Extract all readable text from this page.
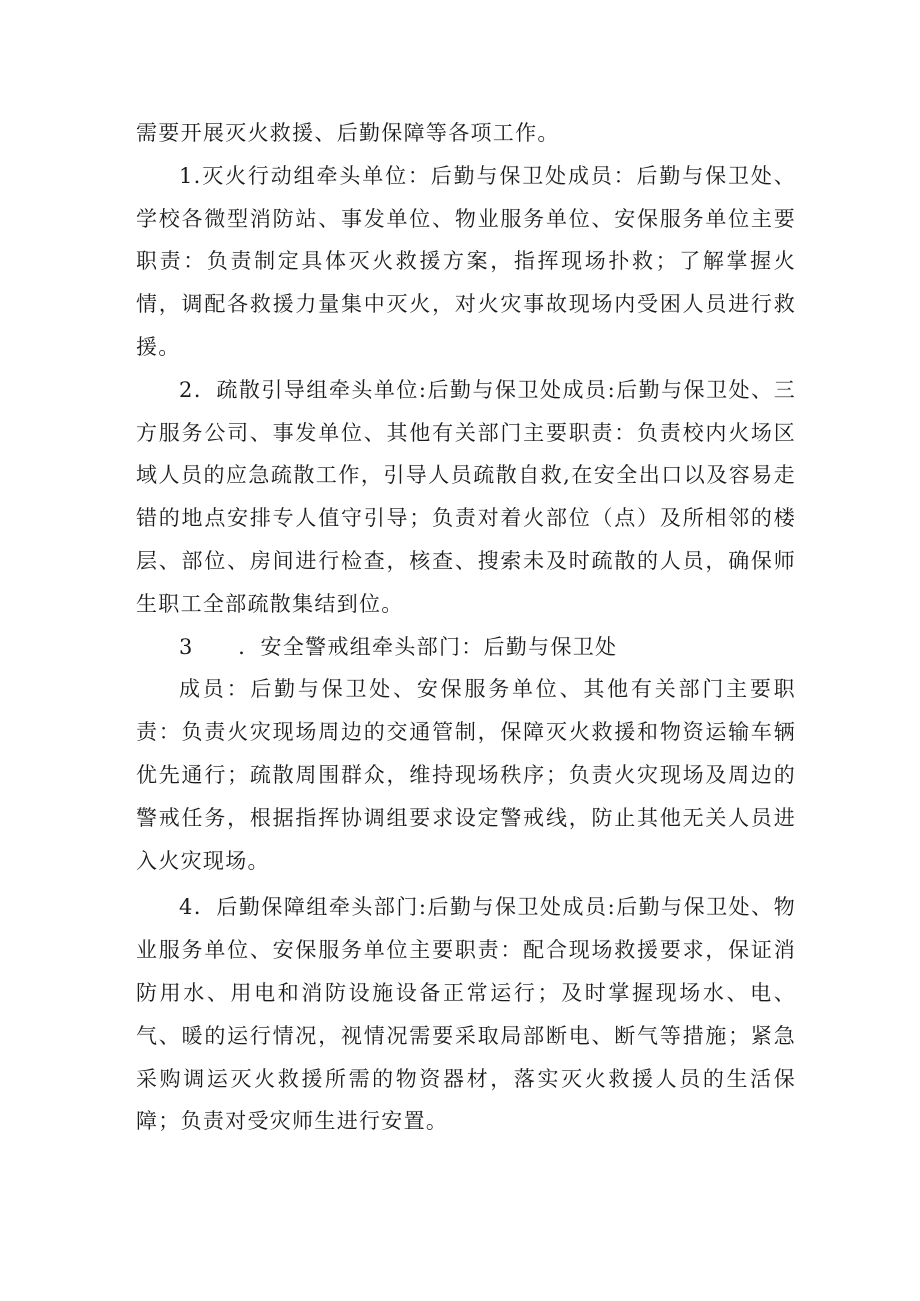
需要开展灭火救援、后勤保障等各项工作。

1.灭火行动组牵头单位：后勤与保卫处成员：后勤与保卫处、学校各微型消防站、事发单位、物业服务单位、安保服务单位主要职责：负责制定具体灭火救援方案，指挥现场扑救；了解掌握火情，调配各救援力量集中灭火，对火灾事故现场内受困人员进行救援。

2．疏散引导组牵头单位:后勤与保卫处成员:后勤与保卫处、三方服务公司、事发单位、其他有关部门主要职责：负责校内火场区域人员的应急疏散工作，引导人员疏散自救,在安全出口以及容易走错的地点安排专人值守引导；负责对着火部位（点）及所相邻的楼层、部位、房间进行检查，核查、搜索未及时疏散的人员，确保师生职工全部疏散集结到位。

3　　．安全警戒组牵头部门：后勤与保卫处

成员：后勤与保卫处、安保服务单位、其他有关部门主要职责：负责火灾现场周边的交通管制，保障灭火救援和物资运输车辆优先通行；疏散周围群众，维持现场秩序；负责火灾现场及周边的警戒任务，根据指挥协调组要求设定警戒线，防止其他无关人员进入火灾现场。

4．后勤保障组牵头部门:后勤与保卫处成员:后勤与保卫处、物业服务单位、安保服务单位主要职责：配合现场救援要求，保证消防用水、用电和消防设施设备正常运行；及时掌握现场水、电、气、暖的运行情况，视情况需要采取局部断电、断气等措施；紧急采购调运灭火救援所需的物资器材，落实灭火救援人员的生活保障；负责对受灾师生进行安置。
